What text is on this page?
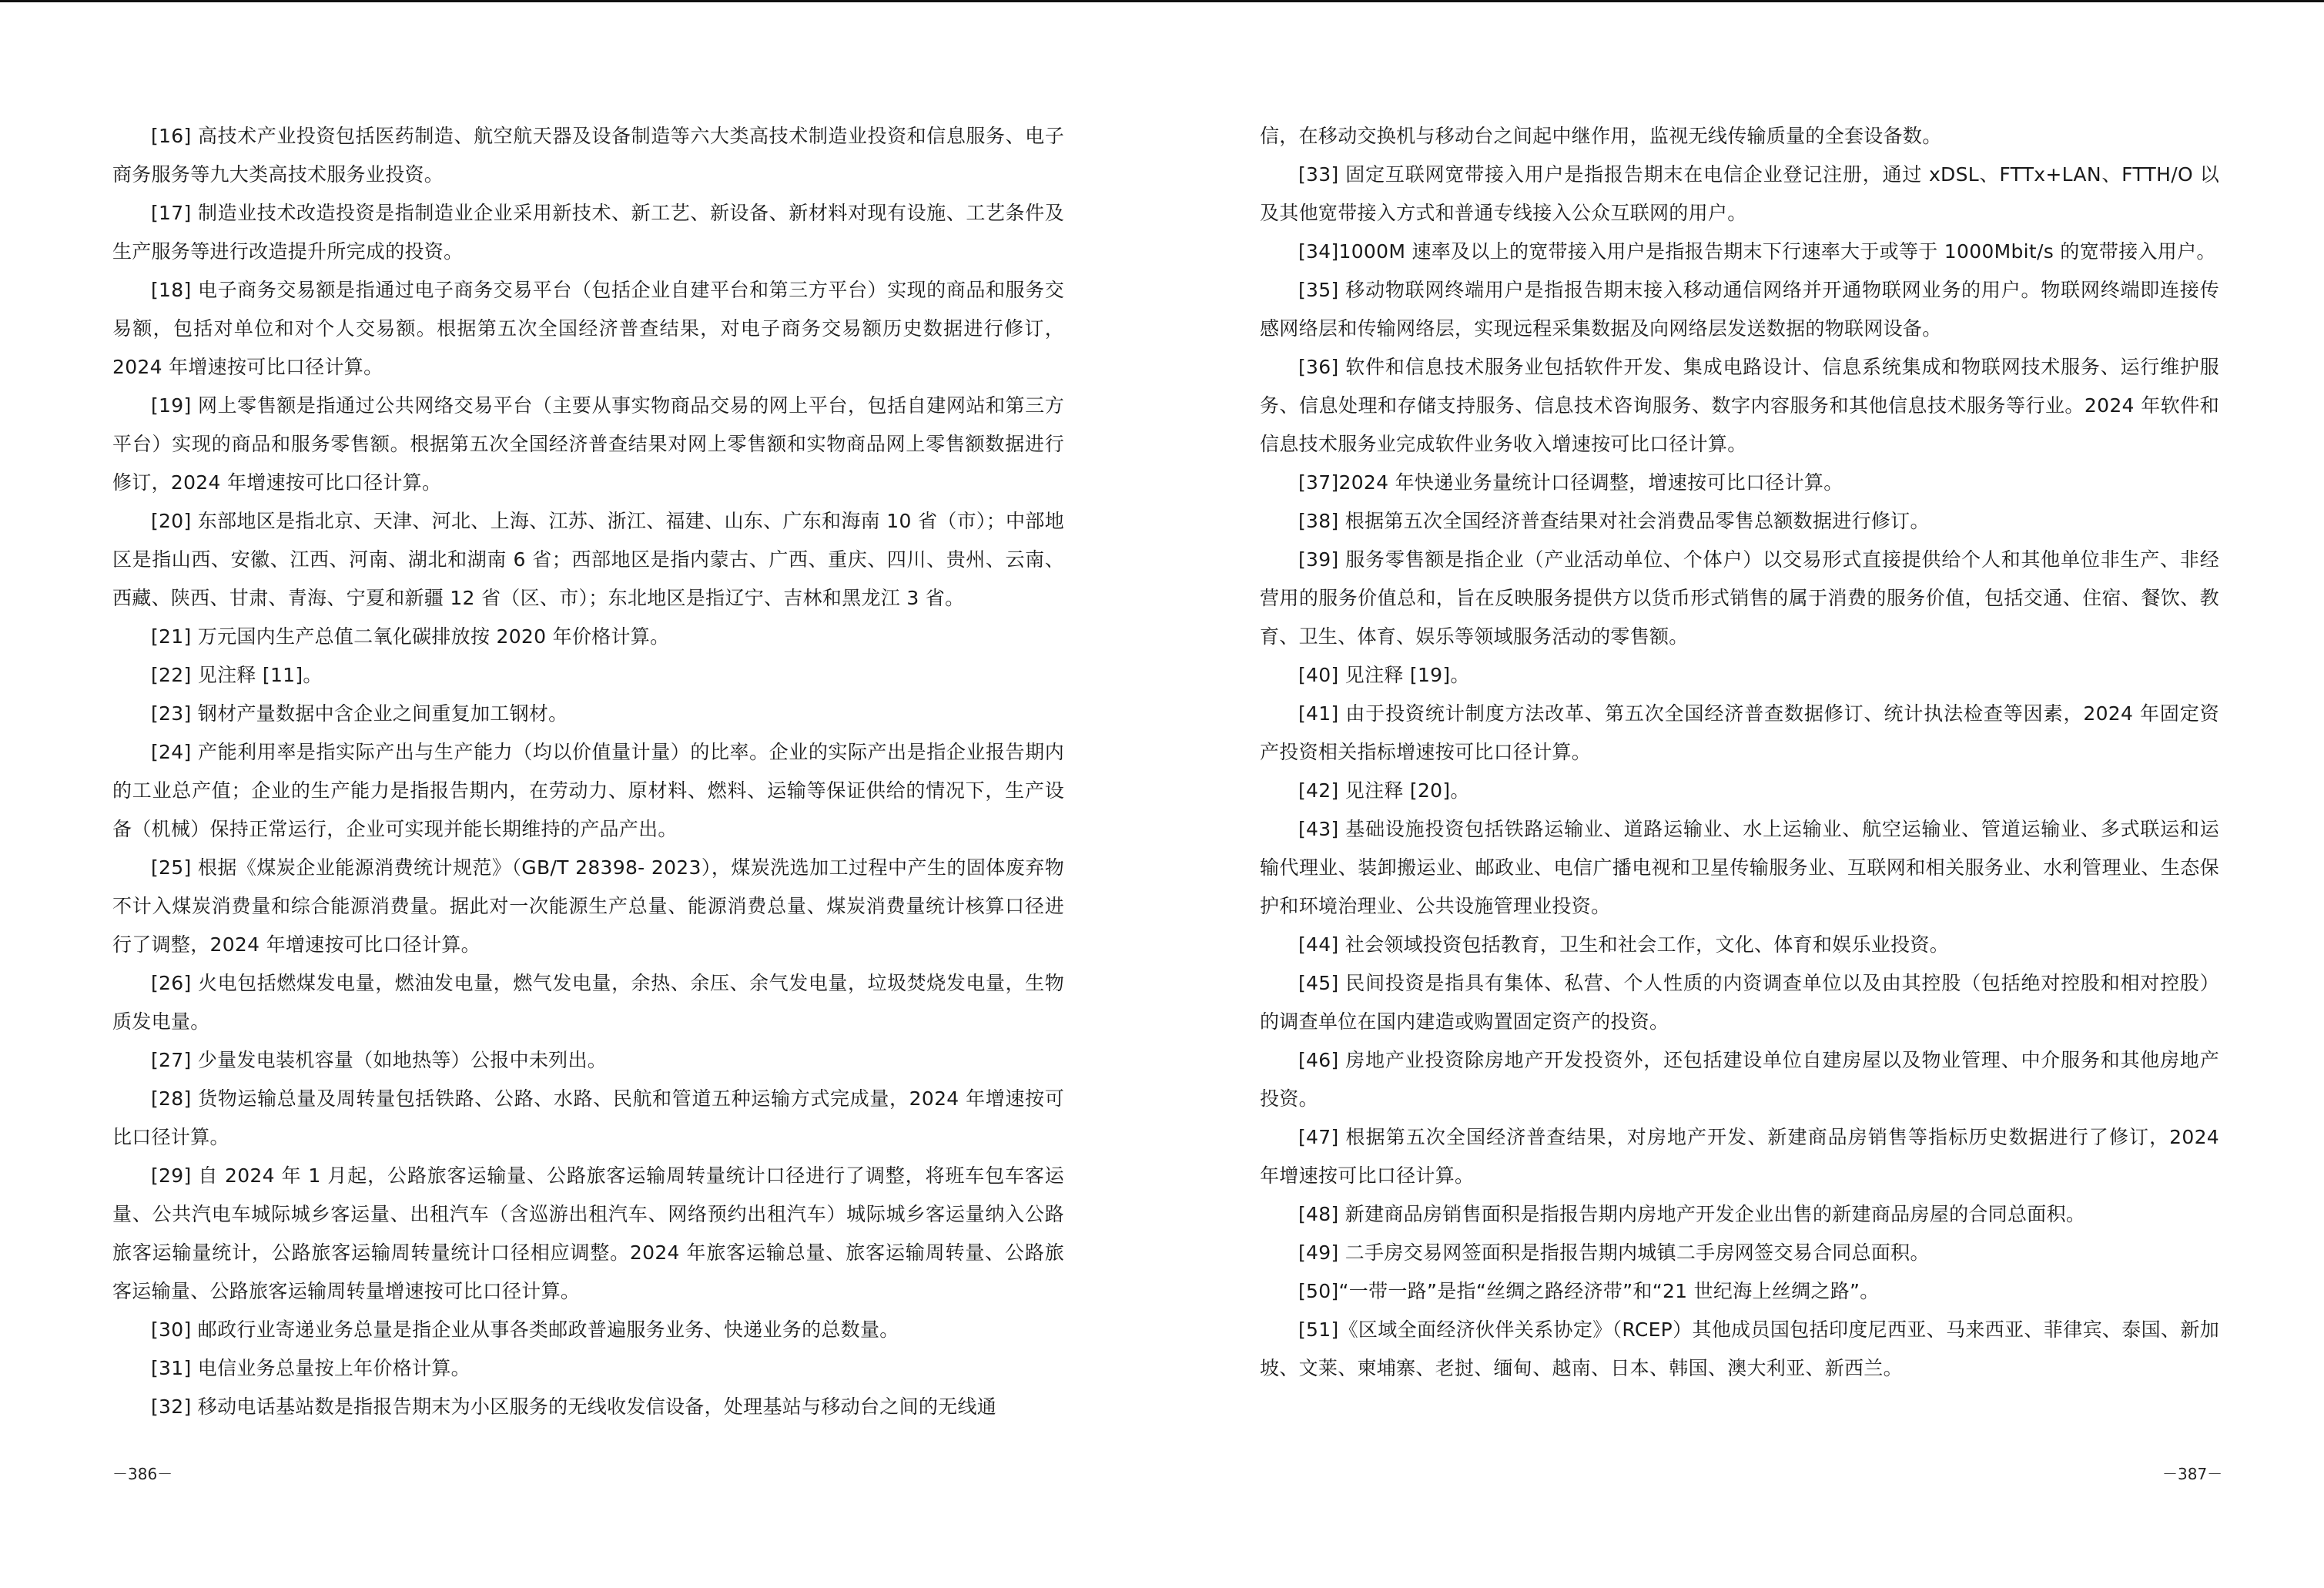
[16] 高技术产业投资包括医药制造、航空航天器及设备制造等六大类高技术制造业投资和信息服务、电子商务服务等九大类高技术服务业投资。

[17] 制造业技术改造投资是指制造业企业采用新技术、新工艺、新设备、新材料对现有设施、工艺条件及生产服务等进行改造提升所完成的投资。

[18] 电子商务交易额是指通过电子商务交易平台（包括企业自建平台和第三方平台）实现的商品和服务交易额，包括对单位和对个人交易额。根据第五次全国经济普查结果，对电子商务交易额历史数据进行修订，2024 年增速按可比口径计算。

[19] 网上零售额是指通过公共网络交易平台（主要从事实物商品交易的网上平台，包括自建网站和第三方平台）实现的商品和服务零售额。根据第五次全国经济普查结果对网上零售额和实物商品网上零售额数据进行修订，2024 年增速按可比口径计算。

[20] 东部地区是指北京、天津、河北、上海、江苏、浙江、福建、山东、广东和海南 10 省（市）；中部地区是指山西、安徽、江西、河南、湖北和湖南 6 省；西部地区是指内蒙古、广西、重庆、四川、贵州、云南、西藏、陕西、甘肃、青海、宁夏和新疆 12 省（区、市）；东北地区是指辽宁、吉林和黑龙江 3 省。

[21] 万元国内生产总值二氧化碳排放按 2020 年价格计算。

[22] 见注释 [11]。

[23] 钢材产量数据中含企业之间重复加工钢材。

[24] 产能利用率是指实际产出与生产能力（均以价值量计量）的比率。企业的实际产出是指企业报告期内的工业总产值；企业的生产能力是指报告期内，在劳动力、原材料、燃料、运输等保证供给的情况下，生产设备（机械）保持正常运行，企业可实现并能长期维持的产品产出。

[25] 根据《煤炭企业能源消费统计规范》（GB/T 28398- 2023），煤炭洗选加工过程中产生的固体废弃物不计入煤炭消费量和综合能源消费量。据此对一次能源生产总量、能源消费总量、煤炭消费量统计核算口径进行了调整，2024 年增速按可比口径计算。

[26] 火电包括燃煤发电量，燃油发电量，燃气发电量，余热、余压、余气发电量，垃圾焚烧发电量，生物质发电量。

[27] 少量发电装机容量（如地热等）公报中未列出。

[28] 货物运输总量及周转量包括铁路、公路、水路、民航和管道五种运输方式完成量，2024 年增速按可比口径计算。

[29] 自 2024 年 1 月起，公路旅客运输量、公路旅客运输周转量统计口径进行了调整，将班车包车客运量、公共汽电车城际城乡客运量、出租汽车（含巡游出租汽车、网络预约出租汽车）城际城乡客运量纳入公路旅客运输量统计，公路旅客运输周转量统计口径相应调整。2024 年旅客运输总量、旅客运输周转量、公路旅客运输量、公路旅客运输周转量增速按可比口径计算。

[30] 邮政行业寄递业务总量是指企业从事各类邮政普遍服务业务、快递业务的总数量。

[31] 电信业务总量按上年价格计算。

[32] 移动电话基站数是指报告期末为小区服务的无线收发信设备，处理基站与移动台之间的无线通

信，在移动交换机与移动台之间起中继作用，监视无线传输质量的全套设备数。

[33] 固定互联网宽带接入用户是指报告期末在电信企业登记注册，通过 xDSL、FTTx+LAN、FTTH/O 以及其他宽带接入方式和普通专线接入公众互联网的用户。

[34]1000M 速率及以上的宽带接入用户是指报告期末下行速率大于或等于 1000Mbit/s 的宽带接入用户。

[35] 移动物联网终端用户是指报告期末接入移动通信网络并开通物联网业务的用户。物联网终端即连接传感网络层和传输网络层，实现远程采集数据及向网络层发送数据的物联网设备。

[36] 软件和信息技术服务业包括软件开发、集成电路设计、信息系统集成和物联网技术服务、运行维护服务、信息处理和存储支持服务、信息技术咨询服务、数字内容服务和其他信息技术服务等行业。2024 年软件和信息技术服务业完成软件业务收入增速按可比口径计算。

[37]2024 年快递业务量统计口径调整，增速按可比口径计算。

[38] 根据第五次全国经济普查结果对社会消费品零售总额数据进行修订。

[39] 服务零售额是指企业（产业活动单位、个体户）以交易形式直接提供给个人和其他单位非生产、非经营用的服务价值总和，旨在反映服务提供方以货币形式销售的属于消费的服务价值，包括交通、住宿、餐饮、教育、卫生、体育、娱乐等领域服务活动的零售额。

[40] 见注释 [19]。

[41] 由于投资统计制度方法改革、第五次全国经济普查数据修订、统计执法检查等因素，2024 年固定资产投资相关指标增速按可比口径计算。

[42] 见注释 [20]。

[43] 基础设施投资包括铁路运输业、道路运输业、水上运输业、航空运输业、管道运输业、多式联运和运输代理业、装卸搬运业、邮政业、电信广播电视和卫星传输服务业、互联网和相关服务业、水利管理业、生态保护和环境治理业、公共设施管理业投资。

[44] 社会领域投资包括教育，卫生和社会工作，文化、体育和娱乐业投资。

[45] 民间投资是指具有集体、私营、个人性质的内资调查单位以及由其控股（包括绝对控股和相对控股）的调查单位在国内建造或购置固定资产的投资。

[46] 房地产业投资除房地产开发投资外，还包括建设单位自建房屋以及物业管理、中介服务和其他房地产投资。

[47] 根据第五次全国经济普查结果，对房地产开发、新建商品房销售等指标历史数据进行了修订，2024 年增速按可比口径计算。

[48] 新建商品房销售面积是指报告期内房地产开发企业出售的新建商品房屋的合同总面积。

[49] 二手房交易网签面积是指报告期内城镇二手房网签交易合同总面积。

[50]“一带一路”是指“丝绸之路经济带”和“21 世纪海上丝绸之路”。

[51]《区域全面经济伙伴关系协定》（RCEP）其他成员国包括印度尼西亚、马来西亚、菲律宾、泰国、新加坡、文莱、柬埔寨、老挝、缅甸、越南、日本、韩国、澳大利亚、新西兰。

－386－	－387－
